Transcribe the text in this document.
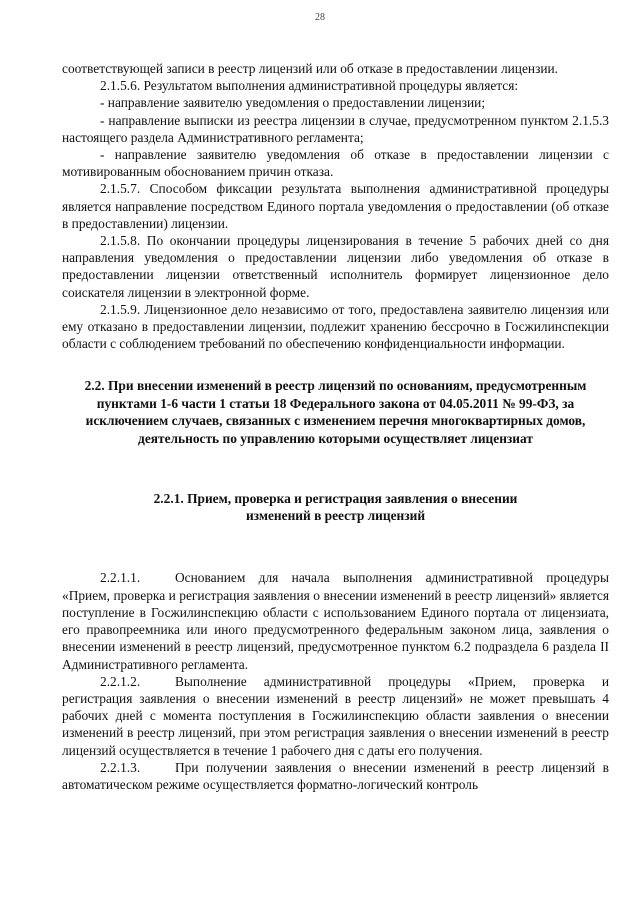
28

соответствующей записи в реестр лицензий или об отказе в предоставлении лицензии.

2.1.5.6. Результатом выполнения административной процедуры является:

- направление заявителю уведомления о предоставлении лицензии;

- направление выписки из реестра лицензии в случае, предусмотренном пунктом 2.1.5.3 настоящего раздела Административного регламента;

- направление заявителю уведомления об отказе в предоставлении лицензии с мотивированным обоснованием причин отказа.

2.1.5.7. Способом фиксации результата выполнения административной процедуры является направление посредством Единого портала уведомления о предоставлении (об отказе в предоставлении) лицензии.

2.1.5.8. По окончании процедуры лицензирования в течение 5 рабочих дней со дня направления уведомления о предоставлении лицензии либо уведомления об отказе в предоставлении лицензии ответственный исполнитель формирует лицензионное дело соискателя лицензии в электронной форме.

2.1.5.9. Лицензионное дело независимо от того, предоставлена заявителю лицензия или ему отказано в предоставлении лицензии, подлежит хранению бессрочно в Госжилинспекции области с соблюдением требований по обеспечению конфиденциальности информации.

2.2. При внесении изменений в реестр лицензий по основаниям, предусмотренным пунктами 1-6 части 1 статьи 18 Федерального закона от 04.05.2011 № 99-ФЗ, за исключением случаев, связанных с изменением перечня многоквартирных домов, деятельность по управлению которыми осуществляет лицензиат

2.2.1. Прием, проверка и регистрация заявления о внесении
изменений в реестр лицензий

2.2.1.1.	Основанием для начала выполнения административной процедуры «Прием, проверка и регистрация заявления о внесении изменений в реестр лицензий» является поступление в Госжилинспекцию области с использованием Единого портала от лицензиата, его правопреемника или иного предусмотренного федеральным законом лица, заявления о внесении изменений в реестр лицензий, предусмотренное пунктом 6.2 подраздела 6 раздела II Административного регламента.

2.2.1.2.	Выполнение административной процедуры «Прием, проверка и регистрация заявления о внесении изменений в реестр лицензий» не может превышать 4 рабочих дней с момента поступления в Госжилинспекцию области заявления о внесении изменений в реестр лицензий, при этом регистрация заявления о внесении изменений в реестр лицензий осуществляется в течение 1 рабочего дня с даты его получения.

2.2.1.3.	При получении заявления о внесении изменений в реестр лицензий в автоматическом режиме осуществляется форматно-логический контроль
